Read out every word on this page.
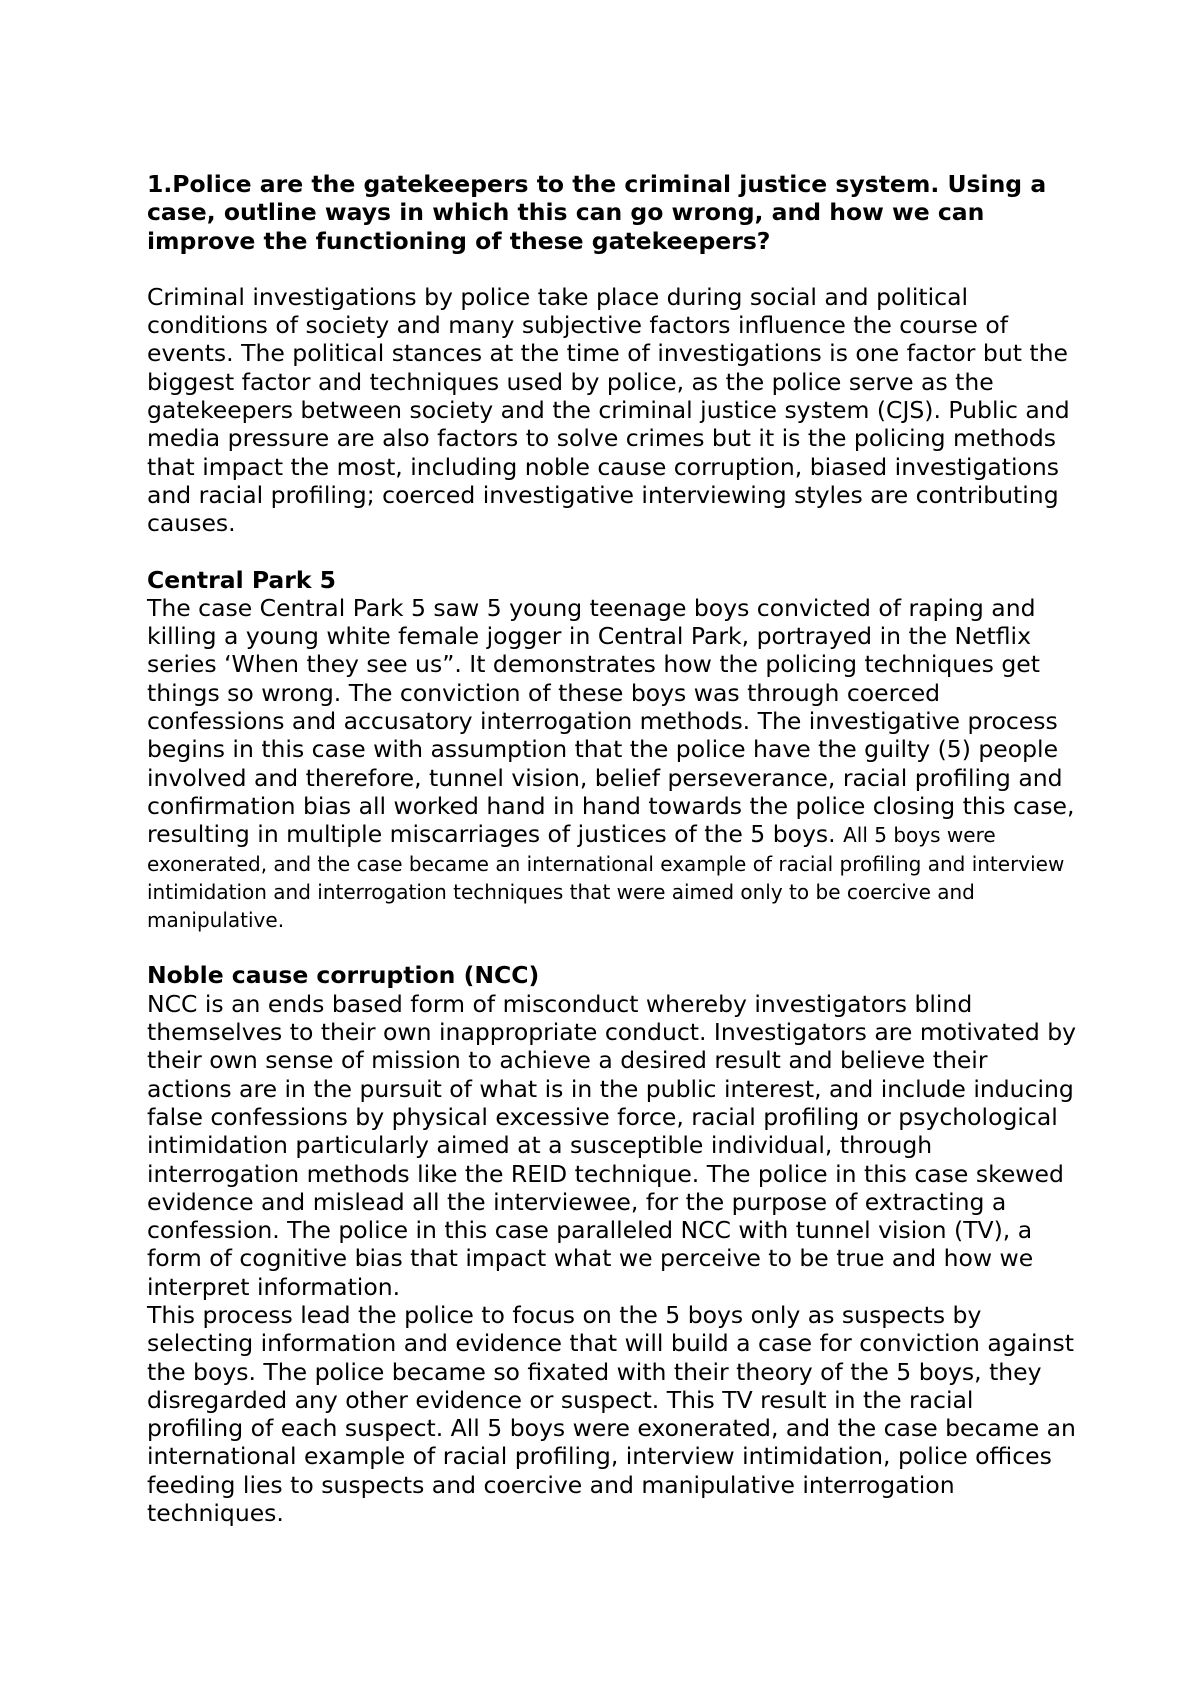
1.Police are the gatekeepers to the criminal justice system. Using a case, outline ways in which this can go wrong, and how we can improve the functioning of these gatekeepers?

Criminal investigations by police take place during social and political conditions of society and many subjective factors influence the course of events. The political stances at the time of investigations is one factor but the biggest factor and techniques used by police, as the police serve as the gatekeepers between society and the criminal justice system (CJS). Public and media pressure are also factors to solve crimes but it is the policing methods that impact the most, including noble cause corruption, biased investigations and racial profiling; coerced investigative interviewing styles are contributing causes.

Central Park 5

The case Central Park 5 saw 5 young teenage boys convicted of raping and killing a young white female jogger in Central Park, portrayed in the Netflix series ‘When they see us”. It demonstrates how the policing techniques get things so wrong. The conviction of these boys was through coerced confessions and accusatory interrogation methods. The investigative process begins in this case with assumption that the police have the guilty (5) people involved and therefore, tunnel vision, belief perseverance, racial profiling and confirmation bias all worked hand in hand towards the police closing this case, resulting in multiple miscarriages of justices of the 5 boys. All 5 boys were exonerated, and the case became an international example of racial profiling and interview intimidation and interrogation techniques that were aimed only to be coercive and manipulative.

Noble cause corruption (NCC)

NCC is an ends based form of misconduct whereby investigators blind themselves to their own inappropriate conduct. Investigators are motivated by their own sense of mission to achieve a desired result and believe their actions are in the pursuit of what is in the public interest, and include inducing false confessions by physical excessive force, racial profiling or psychological intimidation particularly aimed at a susceptible individual, through interrogation methods like the REID technique. The police in this case skewed evidence and mislead all the interviewee, for the purpose of extracting a confession. The police in this case paralleled NCC with tunnel vision (TV), a form of cognitive bias that impact what we perceive to be true and how we interpret information.

This process lead the police to focus on the 5 boys only as suspects by selecting information and evidence that will build a case for conviction against the boys. The police became so fixated with their theory of the 5 boys, they disregarded any other evidence or suspect. This TV result in the racial profiling of each suspect. All 5 boys were exonerated, and the case became an international example of racial profiling, interview intimidation, police offices feeding lies to suspects and coercive and manipulative interrogation techniques.
